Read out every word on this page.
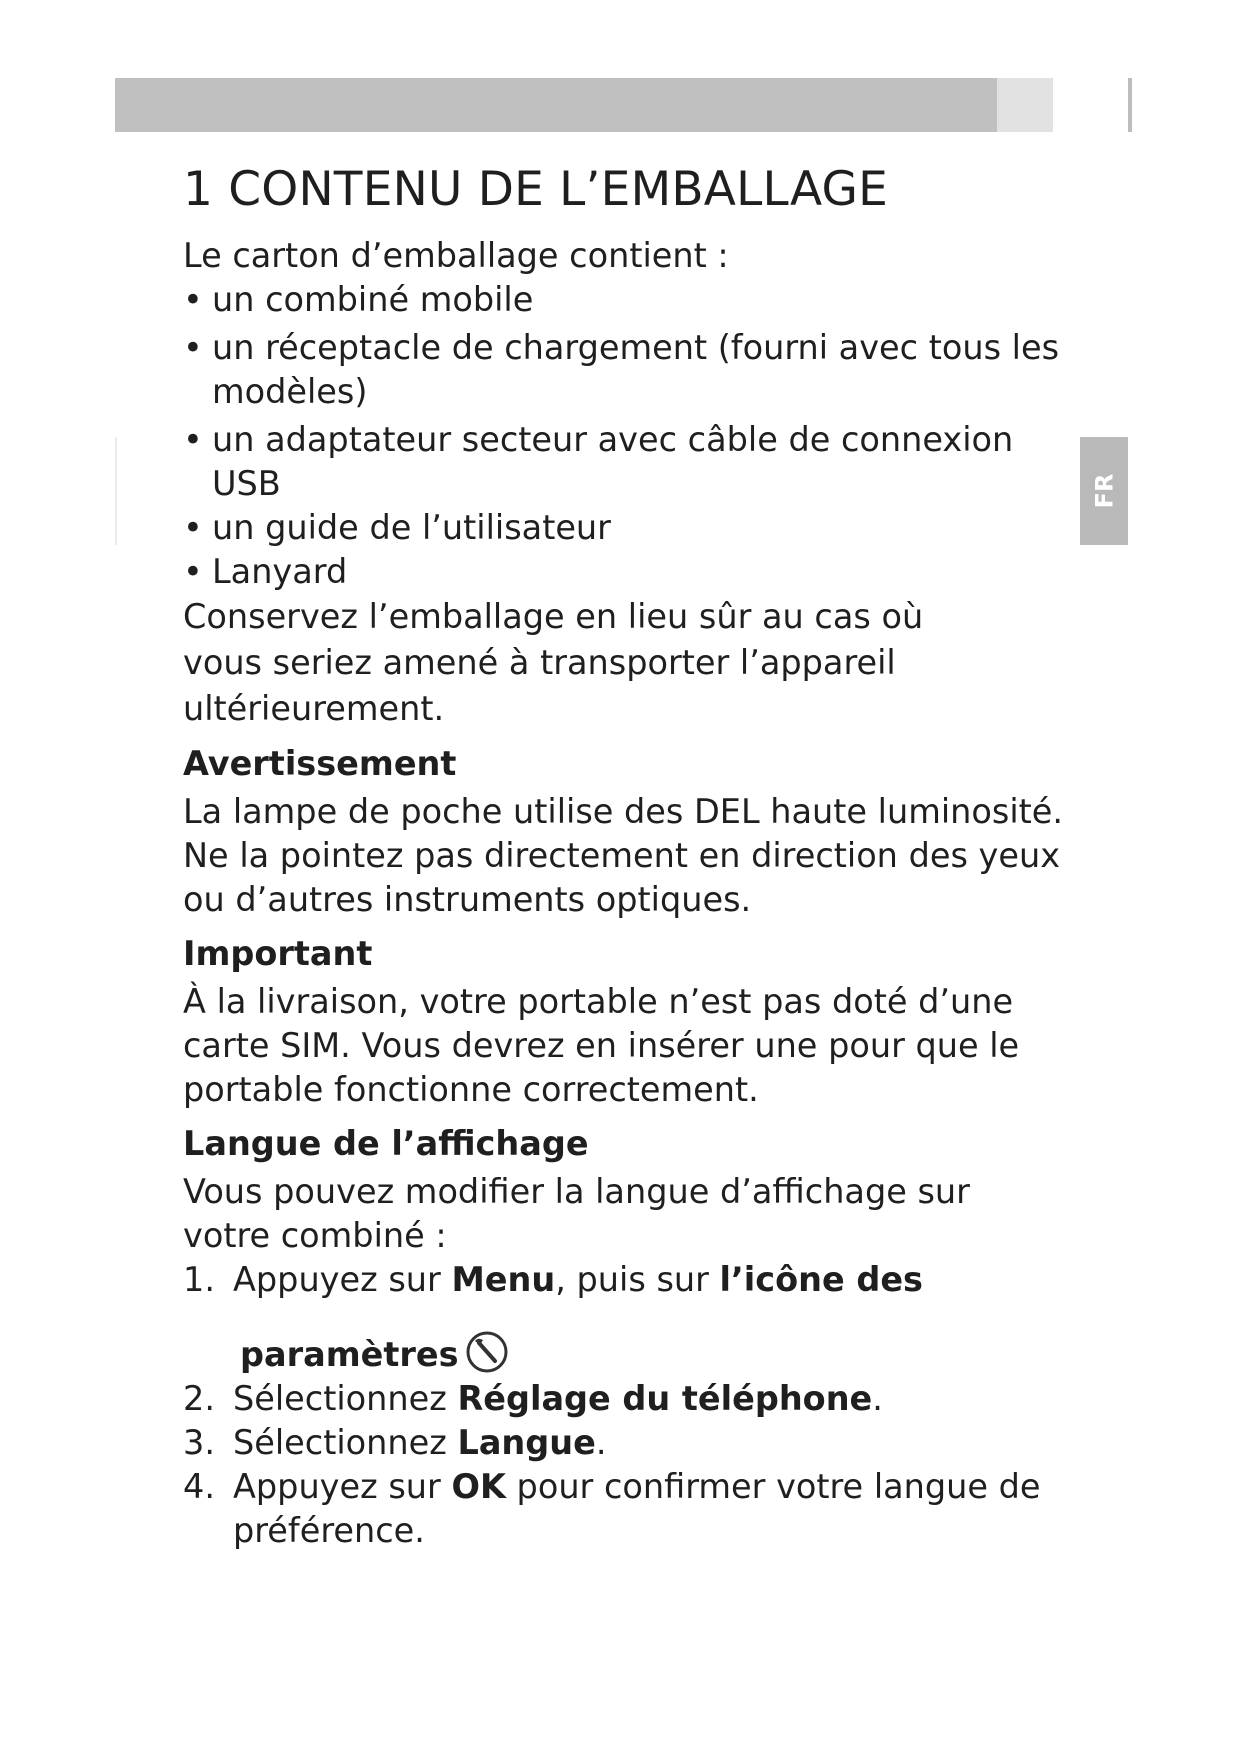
FR
1 CONTENU DE L’EMBALLAGE

Le carton d’emballage contient :

• un combiné mobile
• un réceptacle de chargement (fourni avec tous les modèles)
• un adaptateur secteur avec câble de connexion USB
• un guide de l’utilisateur
• Lanyard

Conservez l’emballage en lieu sûr au cas où vous seriez amené à transporter l’appareil ultérieurement.

Avertissement

La lampe de poche utilise des DEL haute luminosité. Ne la pointez pas directement en direction des yeux ou d’autres instruments optiques.

Important

À la livraison, votre portable n’est pas doté d’une carte SIM. Vous devrez en insérer une pour que le portable fonctionne correctement.

Langue de l’affichage

Vous pouvez modifier la langue d’affichage sur votre combiné :

1. Appuyez sur Menu, puis sur l’icône des
paramètres
2. Sélectionnez Réglage du téléphone.
3. Sélectionnez Langue.
4. Appuyez sur OK pour confirmer votre langue de préférence.
